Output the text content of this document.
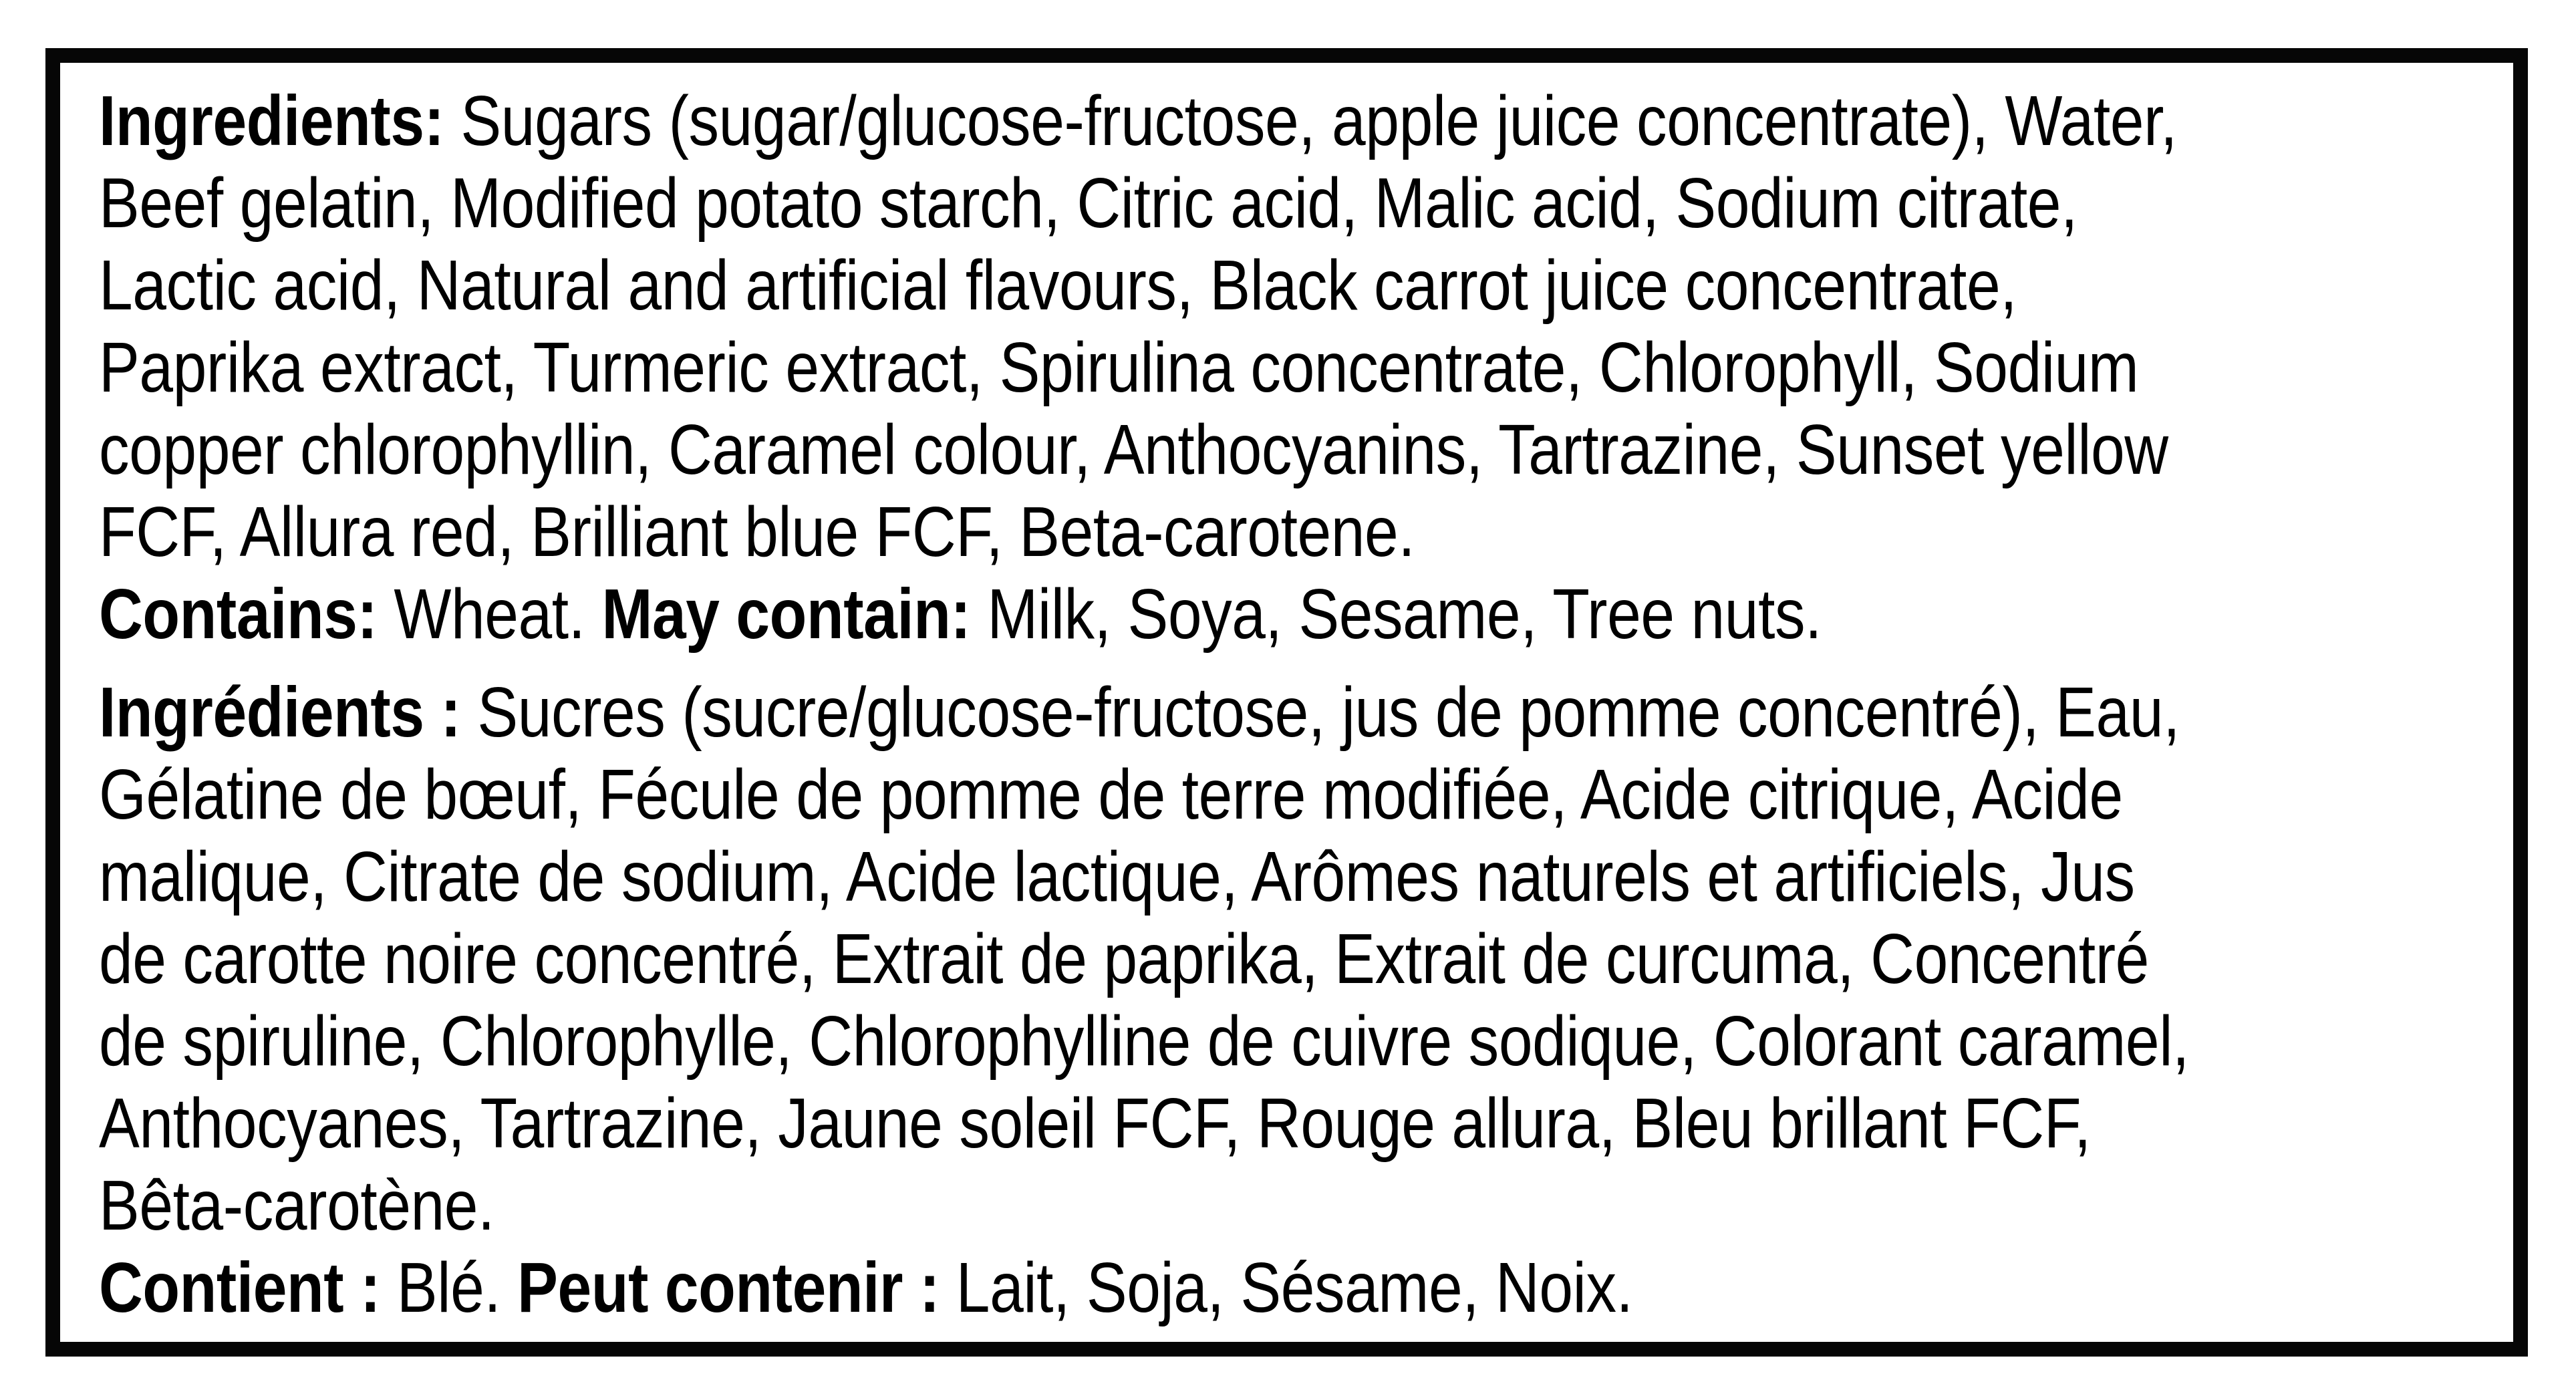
Ingredients: Sugars (sugar/glucose-fructose, apple juice concentrate), Water,
Beef gelatin, Modified potato starch, Citric acid, Malic acid, Sodium citrate,
Lactic acid, Natural and artificial flavours, Black carrot juice concentrate,
Paprika extract, Turmeric extract, Spirulina concentrate, Chlorophyll, Sodium
copper chlorophyllin, Caramel colour, Anthocyanins, Tartrazine, Sunset yellow
FCF, Allura red, Brilliant blue FCF, Beta-carotene.
Contains: Wheat. May contain: Milk, Soya, Sesame, Tree nuts.
Ingrédients : Sucres (sucre/glucose-fructose, jus de pomme concentré), Eau,
Gélatine de bœuf, Fécule de pomme de terre modifiée, Acide citrique, Acide
malique, Citrate de sodium, Acide lactique, Arômes naturels et artificiels, Jus
de carotte noire concentré, Extrait de paprika, Extrait de curcuma, Concentré
de spiruline, Chlorophylle, Chlorophylline de cuivre sodique, Colorant caramel,
Anthocyanes, Tartrazine, Jaune soleil FCF, Rouge allura, Bleu brillant FCF,
Bêta-carotène.
Contient : Blé. Peut contenir : Lait, Soja, Sésame, Noix.
